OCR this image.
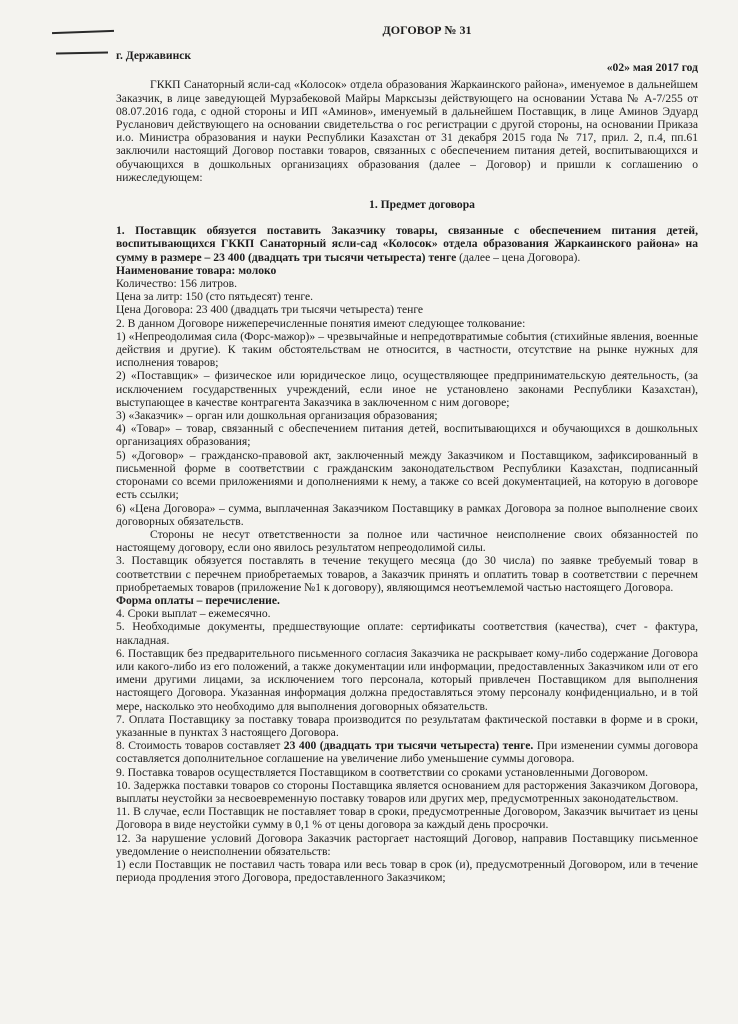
ДОГОВОР № 31
г. Державинск
«02» мая 2017 год

ГККП Санаторный ясли-сад «Колосок» отдела образования Жаркаинского района», именуемое в дальнейшем Заказчик, в лице заведующей Мурзабековой Майры Марксызы действующего на основании Устава № А-7/255 от 08.07.2016 года, с одной стороны и ИП «Аминов», именуемый в дальнейшем Поставщик, в лице Аминов Эдуард Русланович действующего на основании свидетельства о гос регистрации с другой стороны, на основании Приказа и.о. Министра образования и науки Республики Казахстан от 31 декабря 2015 года № 717, прил. 2, п.4, пп.61 заключили настоящий Договор поставки товаров, связанных с обеспечением питания детей, воспитывающихся и обучающихся в дошкольных организациях образования (далее – Договор) и пришли к соглашению о нижеследующем:

1. Предмет договора

1. Поставщик обязуется поставить Заказчику товары, связанные с обеспечением питания детей, воспитывающихся ГККП Санаторный ясли-сад «Колосок» отдела образования Жаркаинского района» на сумму в размере – 23 400 (двадцать три тысячи четыреста) тенге (далее – цена Договора).

Наименование товара: молоко

Количество: 156 литров.

Цена за литр: 150 (сто пятьдесят) тенге.

Цена Договора: 23 400 (двадцать три тысячи четыреста) тенге

2. В данном Договоре нижеперечисленные понятия имеют следующее толкование:

1) «Непреодолимая сила (Форс-мажор)» – чрезвычайные и непредотвратимые события (стихийные явления, военные действия и другие). К таким обстоятельствам не относится, в частности, отсутствие на рынке нужных для исполнения товаров;

2) «Поставщик» – физическое или юридическое лицо, осуществляющее предпринимательскую деятельность, (за исключением государственных учреждений, если иное не установлено законами Республики Казахстан), выступающее в качестве контрагента Заказчика в заключенном с ним договоре;

3) «Заказчик» – орган или дошкольная организация образования;

4) «Товар» – товар, связанный с обеспечением питания детей, воспитывающихся и обучающихся в дошкольных организациях образования;

5) «Договор» – гражданско-правовой акт, заключенный между Заказчиком и Поставщиком, зафиксированный в письменной форме в соответствии с гражданским законодательством Республики Казахстан, подписанный сторонами со всеми приложениями и дополнениями к нему, а также со всей документацией, на которую в договоре есть ссылки;

6) «Цена Договора» – сумма, выплаченная Заказчиком Поставщику в рамках Договора за полное выполнение своих договорных обязательств.

Стороны не несут ответственности за полное или частичное неисполнение своих обязанностей по настоящему договору, если оно явилось результатом непреодолимой силы.

3. Поставщик обязуется поставлять в течение текущего месяца (до 30 числа) по заявке требуемый товар в соответствии с перечнем приобретаемых товаров, а Заказчик принять и оплатить товар в соответствии с перечнем приобретаемых товаров (приложение №1 к договору), являющимся неотъемлемой частью настоящего Договора.

Форма оплаты – перечисление.

4. Сроки выплат – ежемесячно.

5. Необходимые документы, предшествующие оплате: сертификаты соответствия (качества), счет - фактура, накладная.

6. Поставщик без предварительного письменного согласия Заказчика не раскрывает кому-либо содержание Договора или какого-либо из его положений, а также документации или информации, предоставленных Заказчиком или от его имени другими лицами, за исключением того персонала, который привлечен Поставщиком для выполнения настоящего Договора. Указанная информация должна предоставляться этому персоналу конфиденциально, и в той мере, насколько это необходимо для выполнения договорных обязательств.

7. Оплата Поставщику за поставку товара производится по результатам фактической поставки в форме и в сроки, указанные в пунктах 3 настоящего Договора.

8. Стоимость товаров составляет 23 400 (двадцать три тысячи четыреста) тенге. При изменении суммы договора составляется дополнительное соглашение на увеличение либо уменьшение суммы договора.

9. Поставка товаров осуществляется Поставщиком в соответствии со сроками установленными Договором.

10. Задержка поставки товаров со стороны Поставщика является основанием для расторжения Заказчиком Договора, выплаты неустойки за несвоевременную поставку товаров или других мер, предусмотренных законодательством.

11. В случае, если Поставщик не поставляет товар в сроки, предусмотренные Договором, Заказчик вычитает из цены Договора в виде неустойки сумму в 0,1 % от цены договора за каждый день просрочки.

12. За нарушение условий Договора Заказчик расторгает настоящий Договор, направив Поставщику письменное уведомление о неисполнении обязательств:

1) если Поставщик не поставил часть товара или весь товар в срок (и), предусмотренный Договором, или в течение периода продления этого Договора, предоставленного Заказчиком;
